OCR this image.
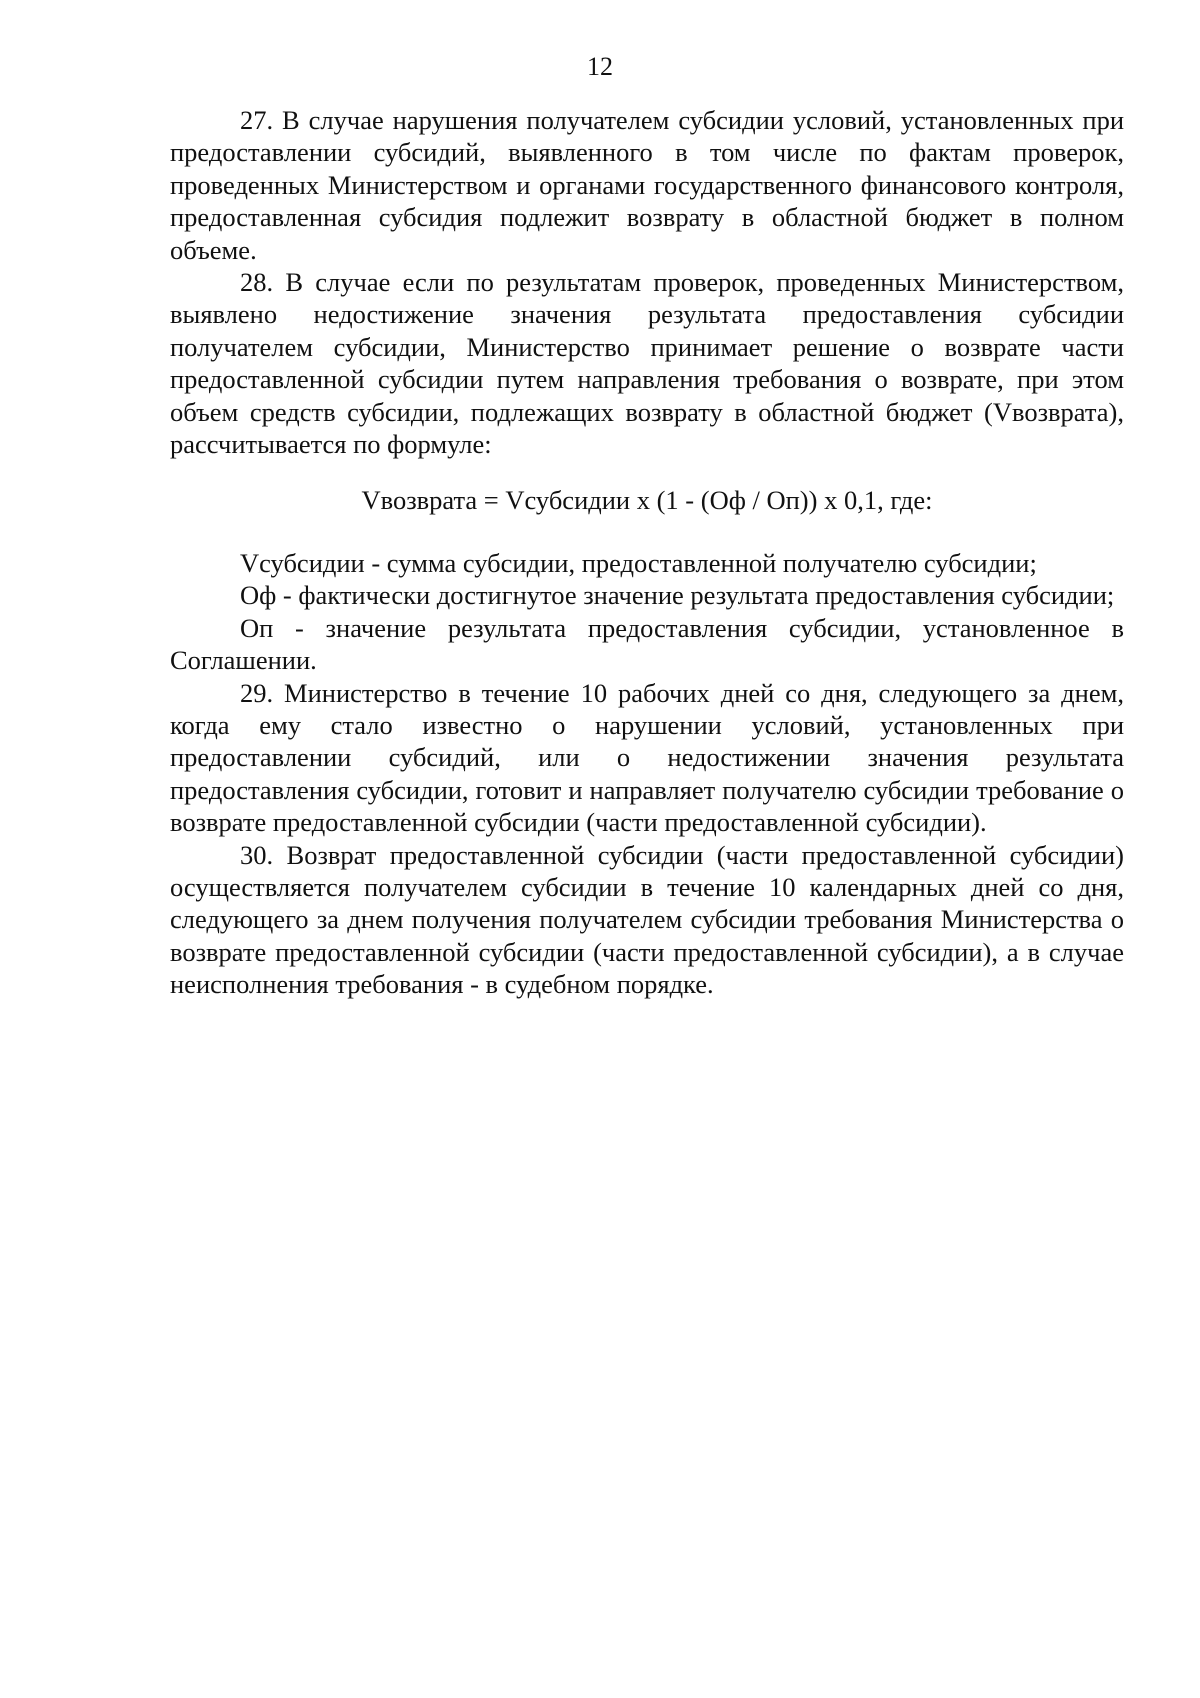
12

27. В случае нарушения получателем субсидии условий, установленных при предоставлении субсидий, выявленного в том числе по фактам проверок, проведенных Министерством и органами государственного финансового контроля, предоставленная субсидия подлежит возврату в областной бюджет в полном объеме.

28. В случае если по результатам проверок, проведенных Министерством, выявлено недостижение значения результата предоставления субсидии получателем субсидии, Министерство принимает решение о возврате части предоставленной субсидии путем направления требования о возврате, при этом объем средств субсидии, подлежащих возврату в областной бюджет (Vвозврата), рассчитывается по формуле:

Vвозврата = Vсубсидии x (1 - (Оф / Оп)) x 0,1, где:

Vсубсидии - сумма субсидии, предоставленной получателю субсидии;

Оф - фактически достигнутое значение результата предоставления субсидии;

Оп - значение результата предоставления субсидии, установленное в Соглашении.

29. Министерство в течение 10 рабочих дней со дня, следующего за днем, когда ему стало известно о нарушении условий, установленных при предоставлении субсидий, или о недостижении значения результата предоставления субсидии, готовит и направляет получателю субсидии требование о возврате предоставленной субсидии (части предоставленной субсидии).

30. Возврат предоставленной субсидии (части предоставленной субсидии) осуществляется получателем субсидии в течение 10 календарных дней со дня, следующего за днем получения получателем субсидии требования Министерства о возврате предоставленной субсидии (части предоставленной субсидии), а в случае неисполнения требования - в судебном порядке.
